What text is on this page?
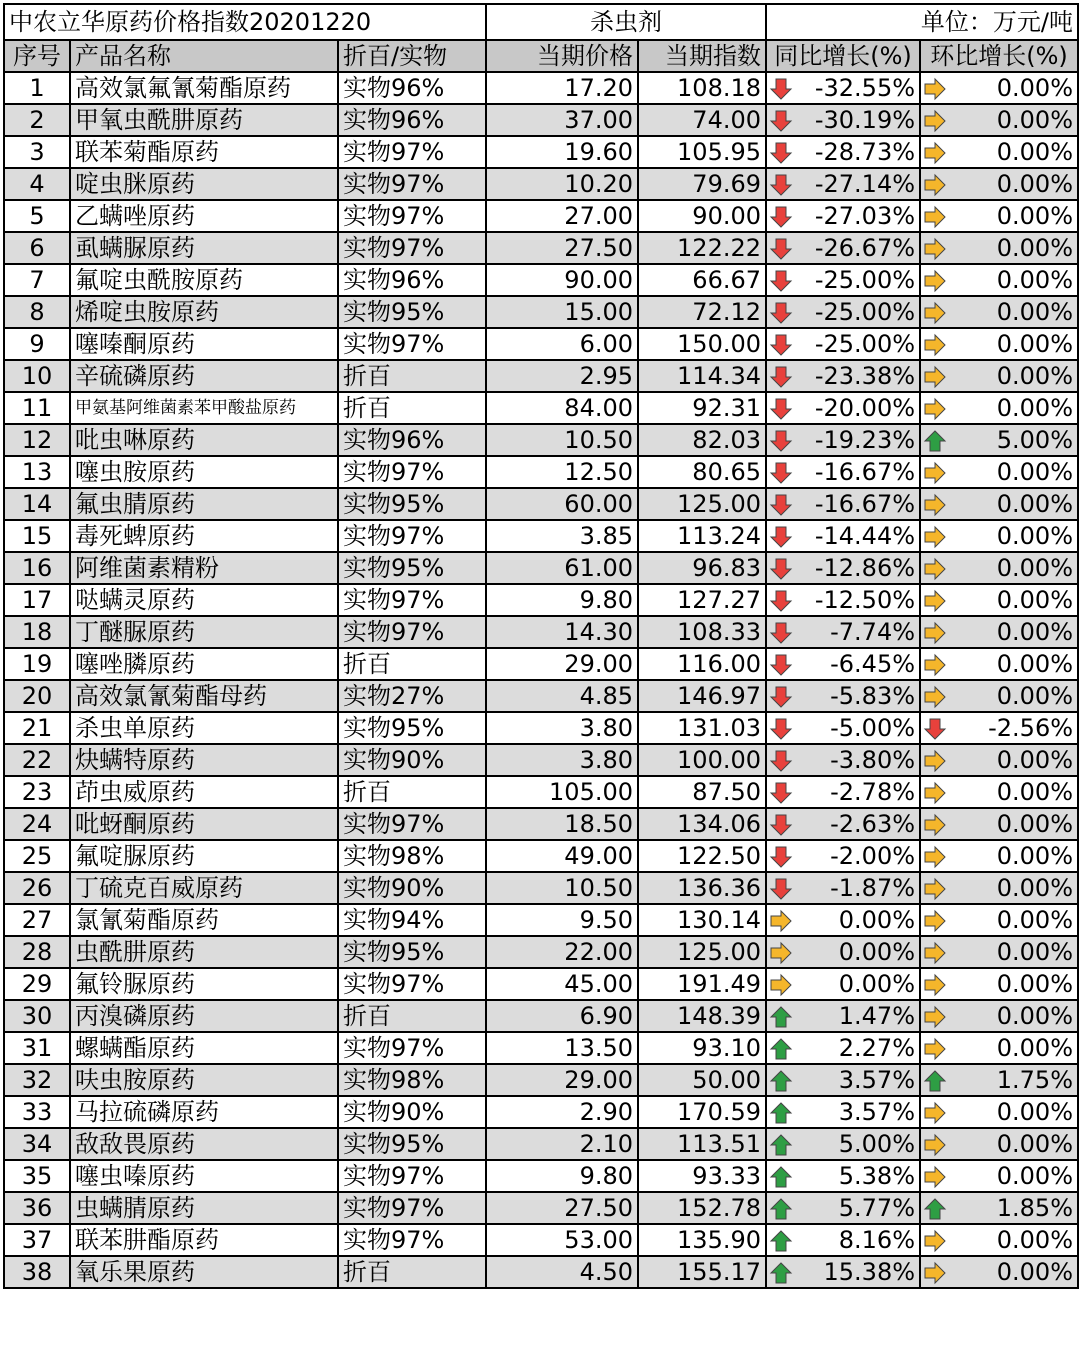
中农立华原药价格指数20201220			杀虫剂		单位：万元/吨	
序号	产品名称	折百/实物	当期价格	当期指数	同比增长(%)	环比增长(%)
1	高效氯氟氰菊酯原药	实物96%	17.20	108.18	-32.55%	0.00%
2	甲氧虫酰肼原药	实物96%	37.00	74.00	-30.19%	0.00%
3	联苯菊酯原药	实物97%	19.60	105.95	-28.73%	0.00%
4	啶虫脒原药	实物97%	10.20	79.69	-27.14%	0.00%
5	乙螨唑原药	实物97%	27.00	90.00	-27.03%	0.00%
6	虱螨脲原药	实物97%	27.50	122.22	-26.67%	0.00%
7	氟啶虫酰胺原药	实物96%	90.00	66.67	-25.00%	0.00%
8	烯啶虫胺原药	实物95%	15.00	72.12	-25.00%	0.00%
9	噻嗪酮原药	实物97%	6.00	150.00	-25.00%	0.00%
10	辛硫磷原药	折百	2.95	114.34	-23.38%	0.00%
11	甲氨基阿维菌素苯甲酸盐原药	折百	84.00	92.31	-20.00%	0.00%
12	吡虫啉原药	实物96%	10.50	82.03	-19.23%	5.00%
13	噻虫胺原药	实物97%	12.50	80.65	-16.67%	0.00%
14	氟虫腈原药	实物95%	60.00	125.00	-16.67%	0.00%
15	毒死蜱原药	实物97%	3.85	113.24	-14.44%	0.00%
16	阿维菌素精粉	实物95%	61.00	96.83	-12.86%	0.00%
17	哒螨灵原药	实物97%	9.80	127.27	-12.50%	0.00%
18	丁醚脲原药	实物97%	14.30	108.33	-7.74%	0.00%
19	噻唑膦原药	折百	29.00	116.00	-6.45%	0.00%
20	高效氯氰菊酯母药	实物27%	4.85	146.97	-5.83%	0.00%
21	杀虫单原药	实物95%	3.80	131.03	-5.00%	-2.56%
22	炔螨特原药	实物90%	3.80	100.00	-3.80%	0.00%
23	茚虫威原药	折百	105.00	87.50	-2.78%	0.00%
24	吡蚜酮原药	实物97%	18.50	134.06	-2.63%	0.00%
25	氟啶脲原药	实物98%	49.00	122.50	-2.00%	0.00%
26	丁硫克百威原药	实物90%	10.50	136.36	-1.87%	0.00%
27	氯氰菊酯原药	实物94%	9.50	130.14	0.00%	0.00%
28	虫酰肼原药	实物95%	22.00	125.00	0.00%	0.00%
29	氟铃脲原药	实物97%	45.00	191.49	0.00%	0.00%
30	丙溴磷原药	折百	6.90	148.39	1.47%	0.00%
31	螺螨酯原药	实物97%	13.50	93.10	2.27%	0.00%
32	呋虫胺原药	实物98%	29.00	50.00	3.57%	1.75%
33	马拉硫磷原药	实物90%	2.90	170.59	3.57%	0.00%
34	敌敌畏原药	实物95%	2.10	113.51	5.00%	0.00%
35	噻虫嗪原药	实物97%	9.80	93.33	5.38%	0.00%
36	虫螨腈原药	实物97%	27.50	152.78	5.77%	1.85%
37	联苯肼酯原药	实物97%	53.00	135.90	8.16%	0.00%
38	氧乐果原药	折百	4.50	155.17	15.38%	0.00%
